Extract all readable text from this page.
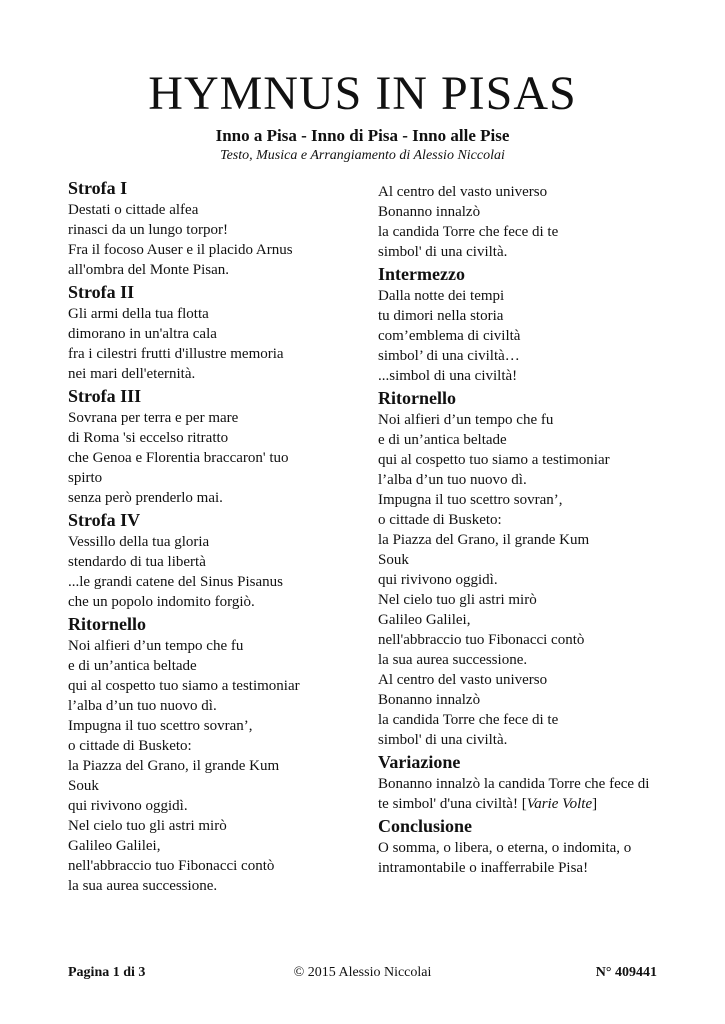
HYMNUS IN PISAS

Inno a Pisa - Inno di Pisa - Inno alle Pise

Testo, Musica e Arrangiamento di Alessio Niccolai

Strofa I

Destati o cittade alfea

rinasci da un lungo torpor!

Fra il focoso Auser e il placido Arnus

all'ombra del Monte Pisan.

Strofa II

Gli armi della tua flotta

dimorano in un'altra cala

fra i cilestri frutti d'illustre memoria

nei mari dell'eternità.

Strofa III

Sovrana per terra e per mare

di Roma 'si eccelso ritratto

che Genoa e Florentia braccaron' tuo

spirto

senza però prenderlo mai.

Strofa IV

Vessillo della tua gloria

stendardo di tua libertà

...le grandi catene del Sinus Pisanus

che un popolo indomito forgiò.

Ritornello

Noi alfieri d’un tempo che fu

e di un’antica beltade

qui al cospetto tuo siamo a testimoniar

l’alba d’un tuo nuovo dì.

Impugna il tuo scettro sovran’,

o cittade di Busketo:

la Piazza del Grano, il grande Kum

Souk

qui rivivono oggidì.

Nel cielo tuo gli astri mirò

Galileo Galilei,

nell'abbraccio tuo Fibonacci contò

la sua aurea successione.

Al centro del vasto universo

Bonanno innalzò

la candida Torre che fece di te

simbol' di una civiltà.

Intermezzo

Dalla notte dei tempi

tu dimori nella storia

com’emblema di civiltà

simbol’ di una civiltà…

...simbol di una civiltà!

Ritornello

Noi alfieri d’un tempo che fu

e di un’antica beltade

qui al cospetto tuo siamo a testimoniar

l’alba d’un tuo nuovo dì.

Impugna il tuo scettro sovran’,

o cittade di Busketo:

la Piazza del Grano, il grande Kum

Souk

qui rivivono oggidì.

Nel cielo tuo gli astri mirò

Galileo Galilei,

nell'abbraccio tuo Fibonacci contò

la sua aurea successione.

Al centro del vasto universo

Bonanno innalzò

la candida Torre che fece di te

simbol' di una civiltà.

Variazione

Bonanno innalzò la candida Torre che fece di te simbol' d'una civiltà! [Varie Volte]

Conclusione

O somma, o libera, o eterna, o indomita, o intramontabile o inafferrabile Pisa!

Pagina 1 di 3	© 2015 Alessio Niccolai	N° 409441
